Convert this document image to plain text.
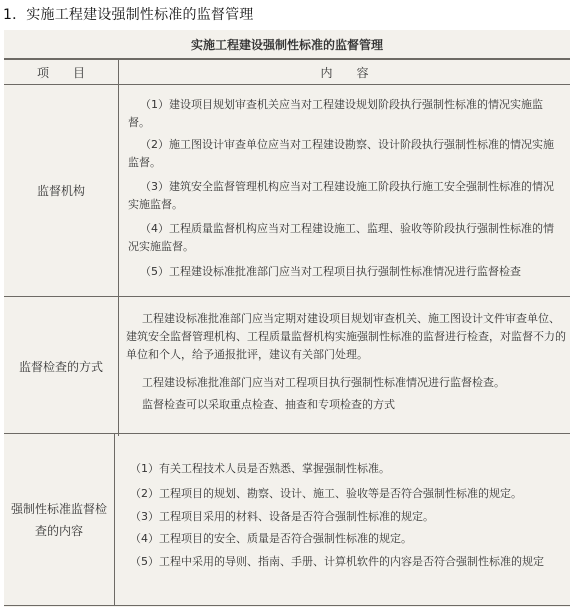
1．实施工程建设强制性标准的监督管理
实施工程建设强制性标准的监督管理
项　　目	内　　容
监督机构
（1）建设项目规划审查机关应当对工程建设规划阶段执行强制性标准的情况实施监督。
（2）施工图设计审查单位应当对工程建设勘察、设计阶段执行强制性标准的情况实施监督。
（3）建筑安全监督管理机构应当对工程建设施工阶段执行施工安全强制性标准的情况实施监督。
（4）工程质量监督机构应当对工程建设施工、监理、验收等阶段执行强制性标准的情况实施监督。
（5）工程建设标准批准部门应当对工程项目执行强制性标准情况进行监督检查
监督检查的方式
工程建设标准批准部门应当定期对建设项目规划审查机关、施工图设计文件审查单位、建筑安全监督管理机构、工程质量监督机构实施强制性标准的监督进行检查，对监督不力的单位和个人，给予通报批评，建议有关部门处理。
工程建设标准批准部门应当对工程项目执行强制性标准情况进行监督检查。
监督检查可以采取重点检查、抽查和专项检查的方式
强制性标准监督检查的内容
（1）有关工程技术人员是否熟悉、掌握强制性标准。
（2）工程项目的规划、勘察、设计、施工、验收等是否符合强制性标准的规定。
（3）工程项目采用的材料、设备是否符合强制性标准的规定。
（4）工程项目的安全、质量是否符合强制性标准的规定。
（5）工程中采用的导则、指南、手册、计算机软件的内容是否符合强制性标准的规定
